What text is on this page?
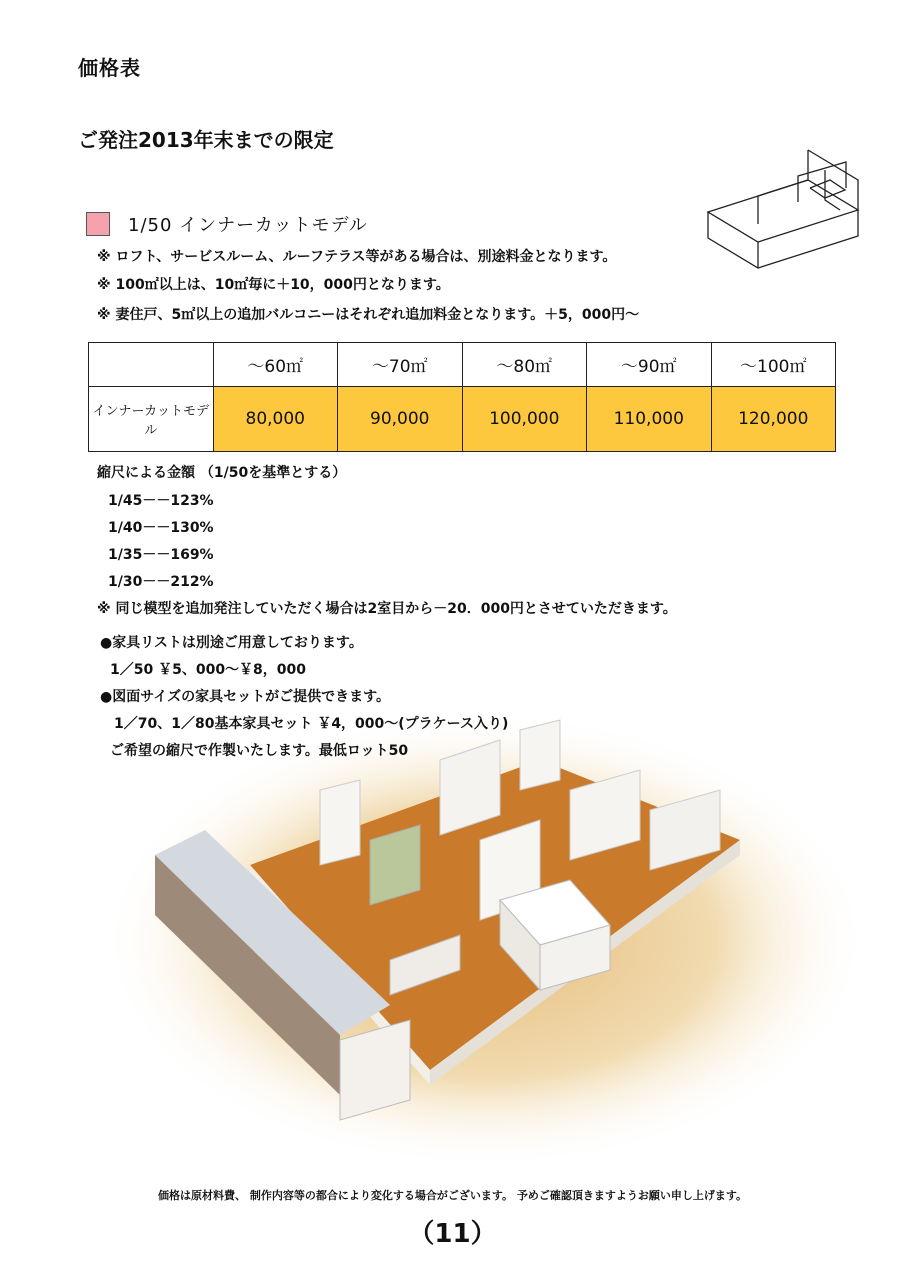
価格表
ご発注2013年末までの限定
1/50 インナーカットモデル
※ ロフト、サービスルーム、ルーフテラス等がある場合は、別途料金となります。
※ 100㎡以上は、10㎡毎に＋10，000円となります。
※ 妻住戸、5㎡以上の追加バルコニーはそれぞれ追加料金となります。＋5，000円～
	～60㎡	～70㎡	～80㎡	～90㎡	～100㎡
インナーカットモデル	80,000	90,000	100,000	110,000	120,000
縮尺による金額 （1/50を基準とする）
1/45－－123%
1/40－－130%
1/35－－169%
1/30－－212%
※ 同じ模型を追加発注していただく場合は2室目から－20．000円とさせていただきます。
●家具リストは別途ご用意しております。
1／50 ￥5、000～￥8，000
●図面サイズの家具セットがご提供できます。
1／70、1／80基本家具セット ￥4，000～(プラケース入り)
ご希望の縮尺で作製いたします。最低ロット50
価格は原材料費、 制作内容等の都合により変化する場合がございます。 予めご確認頂きますようお願い申し上げます。
（11）
